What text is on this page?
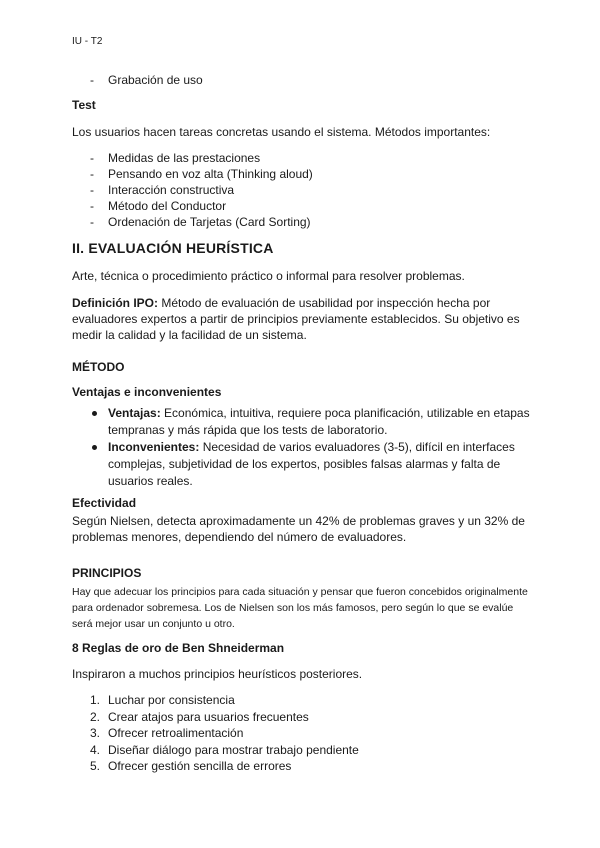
IU - T2
- Grabación de uso
Test

Los usuarios hacen tareas concretas usando el sistema. Métodos importantes:

- Medidas de las prestaciones
- Pensando en voz alta (Thinking aloud)
- Interacción constructiva
- Método del Conductor
- Ordenación de Tarjetas (Card Sorting)
II. EVALUACIÓN HEURÍSTICA

Arte, técnica o procedimiento práctico o informal para resolver problemas.

Definición IPO: Método de evaluación de usabilidad por inspección hecha por evaluadores expertos a partir de principios previamente establecidos. Su objetivo es medir la calidad y la facilidad de un sistema.

MÉTODO
Ventajas e inconvenientes
Ventajas: Económica, intuitiva, requiere poca planificación, utilizable en etapas tempranas y más rápida que los tests de laboratorio.
Inconvenientes: Necesidad de varios evaluadores (3-5), difícil en interfaces complejas, subjetividad de los expertos, posibles falsas alarmas y falta de usuarios reales.
Efectividad

Según Nielsen, detecta aproximadamente un 42% de problemas graves y un 32% de problemas menores, dependiendo del número de evaluadores.

PRINCIPIOS

Hay que adecuar los principios para cada situación y pensar que fueron concebidos originalmente para ordenador sobremesa. Los de Nielsen son los más famosos, pero según lo que se evalúe será mejor usar un conjunto u otro.

8 Reglas de oro de Ben Shneiderman

Inspiraron a muchos principios heurísticos posteriores.

1. Luchar por consistencia
2. Crear atajos para usuarios frecuentes
3. Ofrecer retroalimentación
4. Diseñar diálogo para mostrar trabajo pendiente
5. Ofrecer gestión sencilla de errores
